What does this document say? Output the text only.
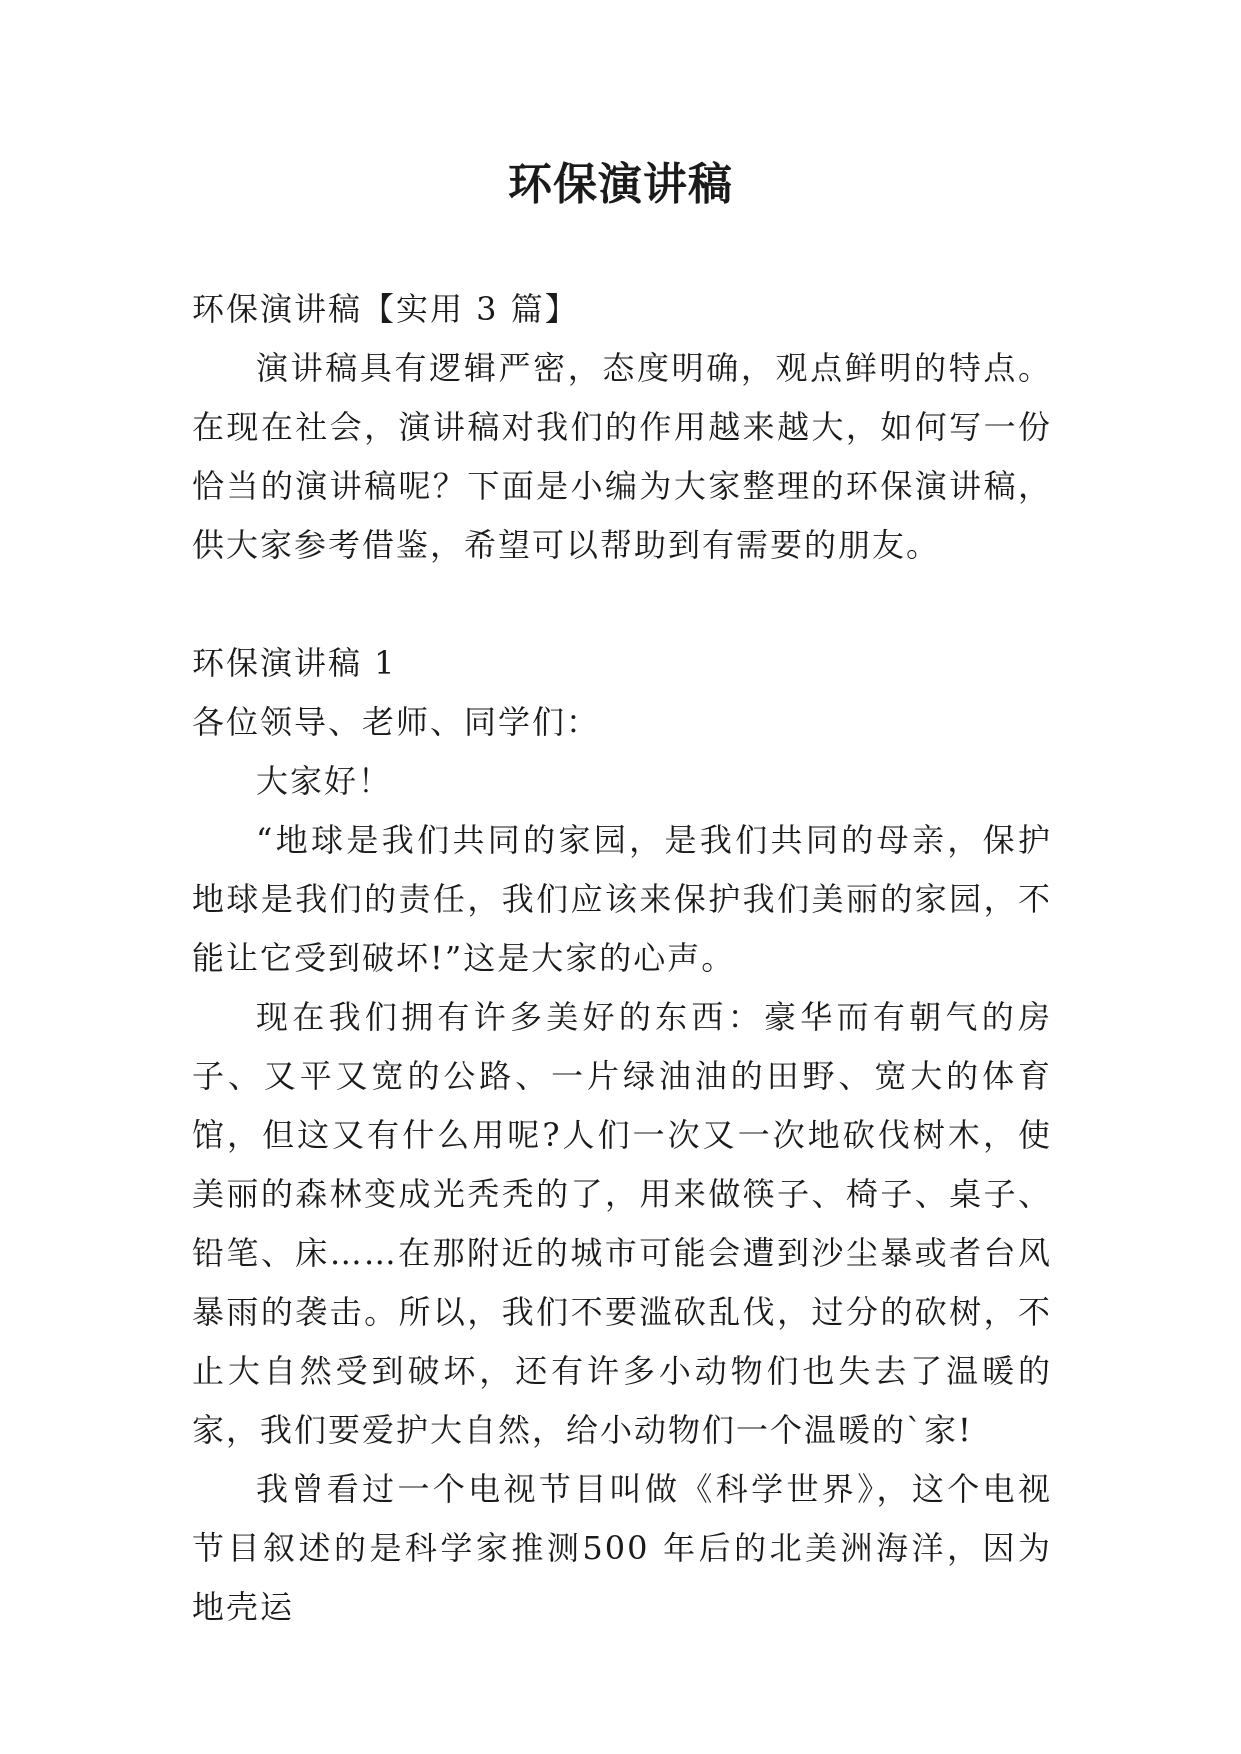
环保演讲稿

环保演讲稿【实用 3 篇】

演讲稿具有逻辑严密，态度明确，观点鲜明的特点。在现在社会，演讲稿对我们的作用越来越大，如何写一份恰当的演讲稿呢？下面是小编为大家整理的环保演讲稿，供大家参考借鉴，希望可以帮助到有需要的朋友。

环保演讲稿 1

各位领导、老师、同学们：

大家好！

“地球是我们共同的家园，是我们共同的母亲，保护地球是我们的责任，我们应该来保护我们美丽的家园，不能让它受到破坏!”这是大家的心声。

现在我们拥有许多美好的东西：豪华而有朝气的房子、又平又宽的公路、一片绿油油的田野、宽大的体育馆，但这又有什么用呢?人们一次又一次地砍伐树木，使美丽的森林变成光秃秃的了，用来做筷子、椅子、桌子、铅笔、床……在那附近的城市可能会遭到沙尘暴或者台风暴雨的袭击。所以，我们不要滥砍乱伐，过分的砍树，不止大自然受到破坏，还有许多小动物们也失去了温暖的家，我们要爱护大自然，给小动物们一个温暖的`家!

我曾看过一个电视节目叫做《科学世界》，这个电视节目叙述的是科学家推测500 年后的北美洲海洋，因为地壳运
